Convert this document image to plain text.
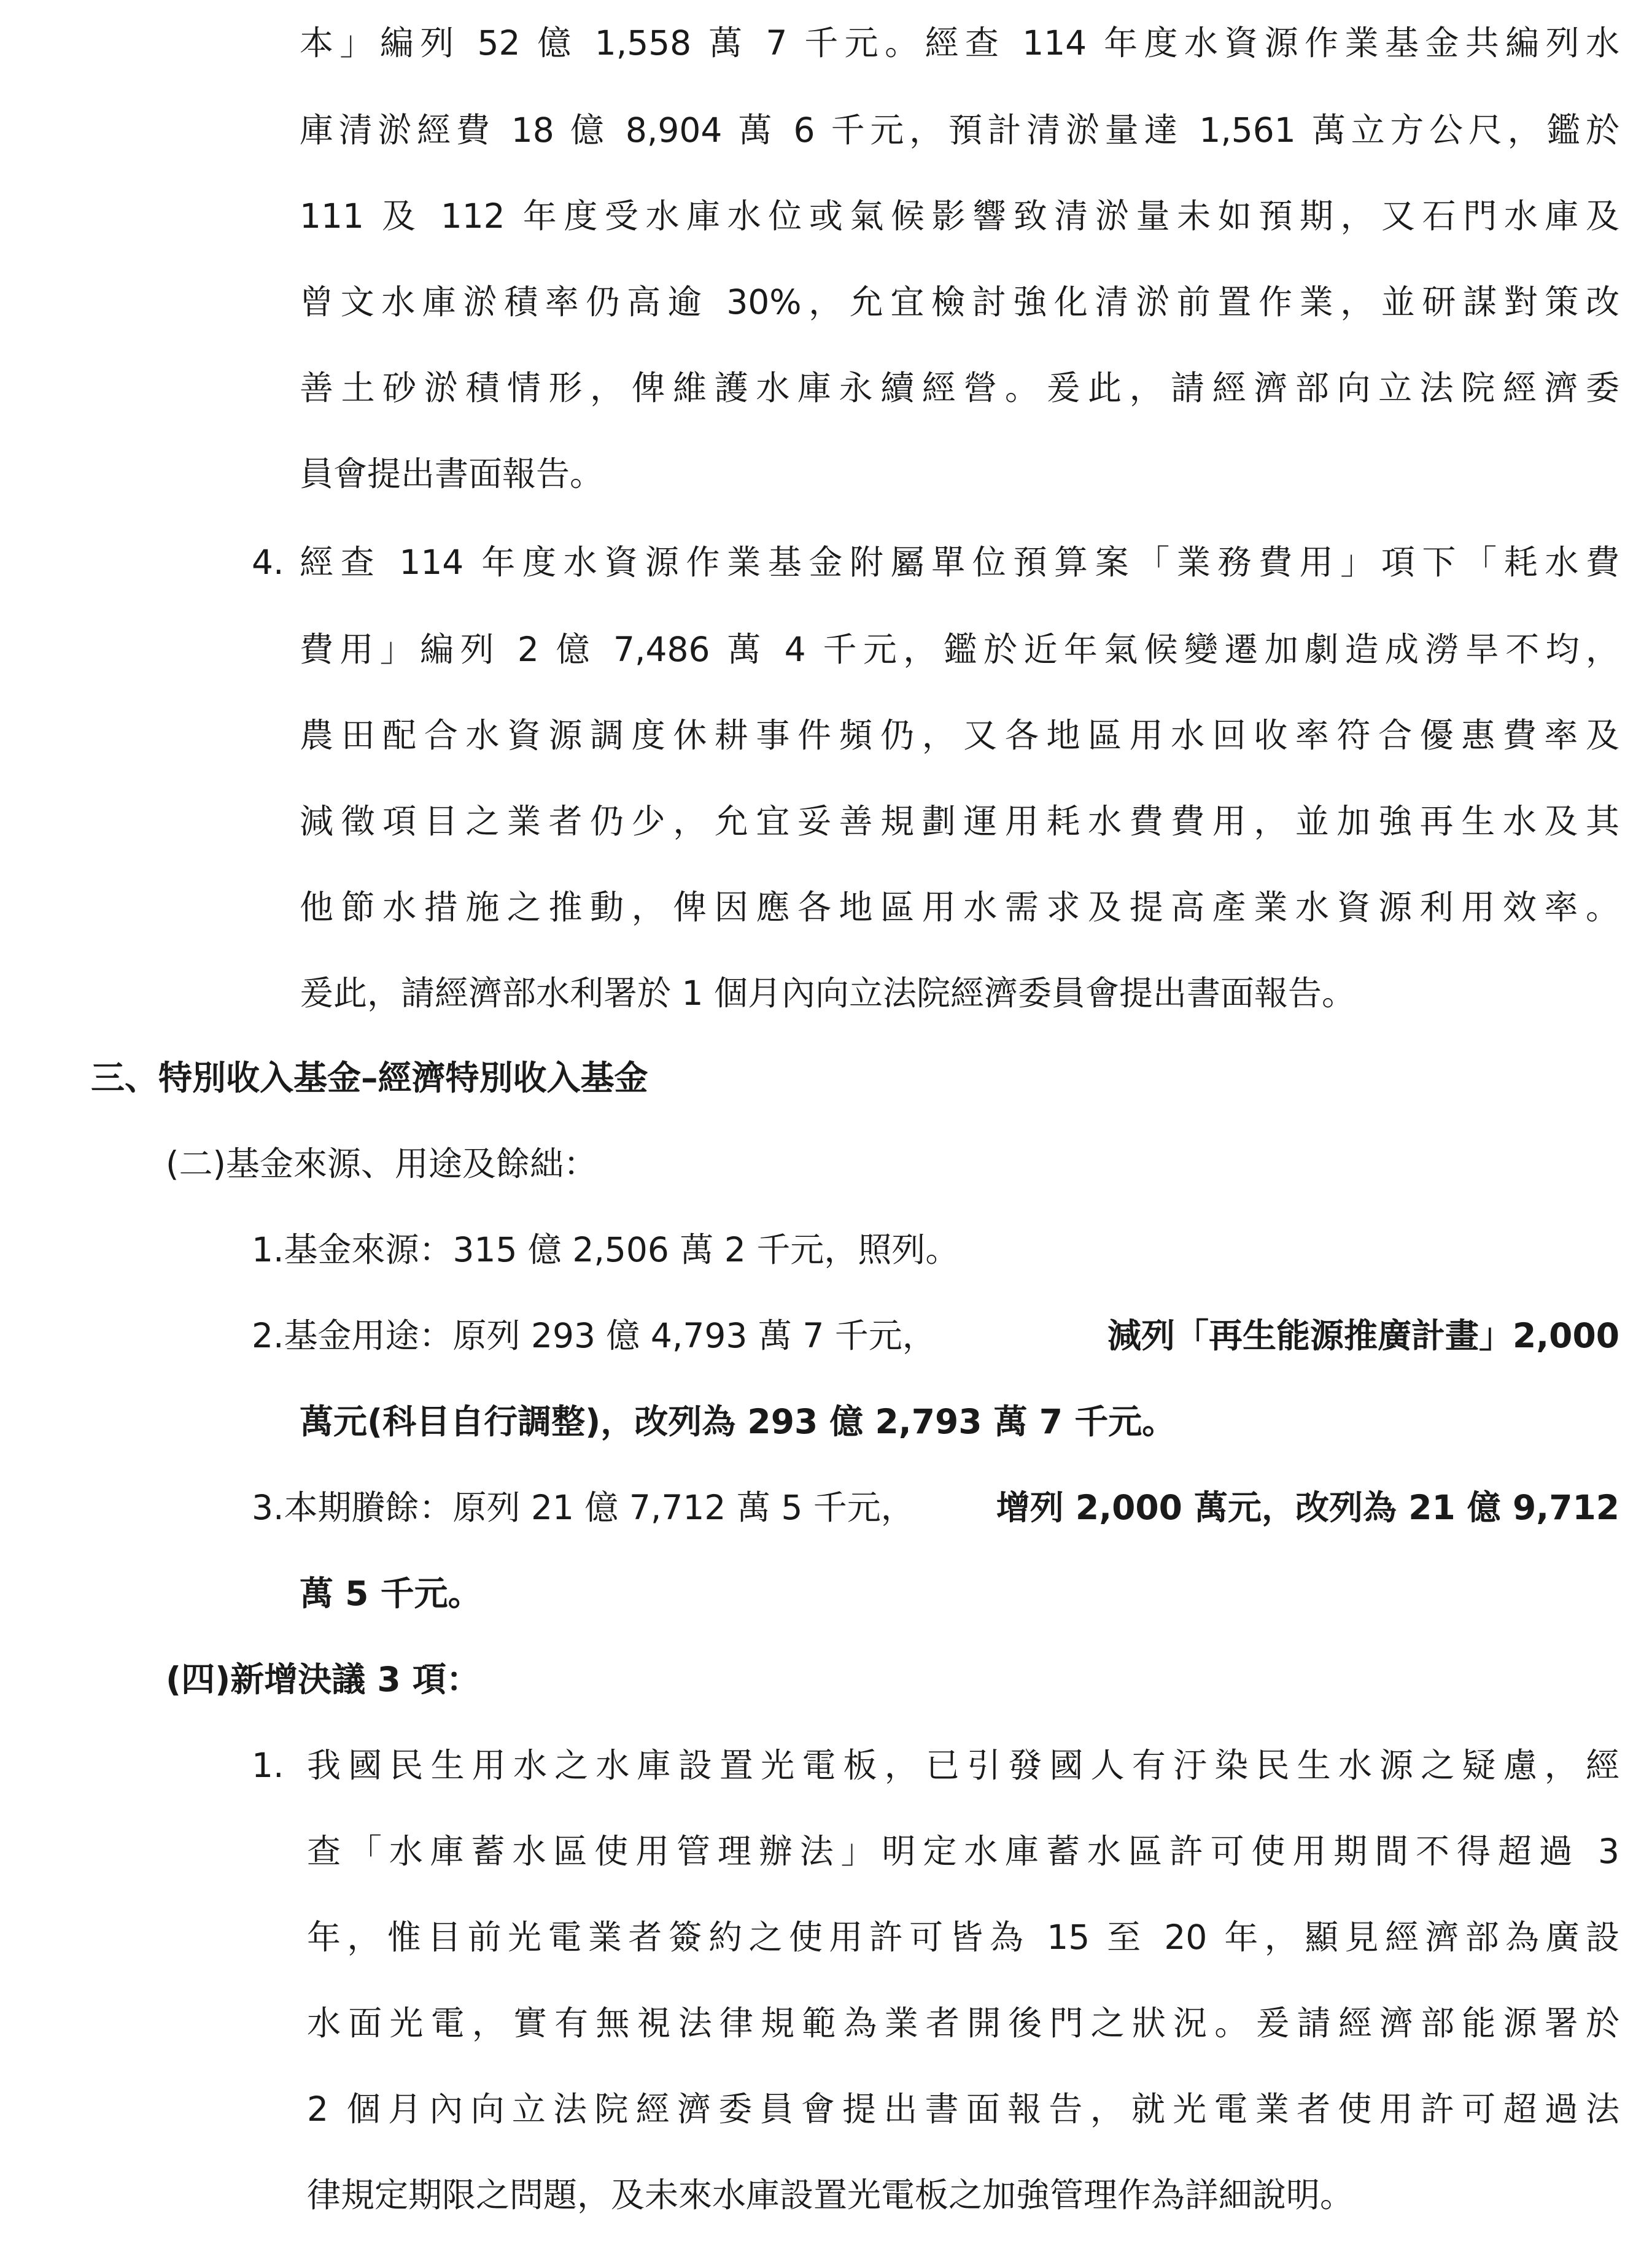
本」編列 52 億 1,558 萬 7 千元。經查 114 年度水資源作業基金共編列水

庫清淤經費 18 億 8,904 萬 6 千元，預計清淤量達 1,561 萬立方公尺，鑑於

111 及 112 年度受水庫水位或氣候影響致清淤量未如預期，又石門水庫及

曾文水庫淤積率仍高逾 30%，允宜檢討強化清淤前置作業，並研謀對策改

善土砂淤積情形，俾維護水庫永續經營。爰此，請經濟部向立法院經濟委

員會提出書面報告。

4. 經查 114 年度水資源作業基金附屬單位預算案「業務費用」項下「耗水費

費用」編列 2 億 7,486 萬 4 千元，鑑於近年氣候變遷加劇造成澇旱不均，

農田配合水資源調度休耕事件頻仍，又各地區用水回收率符合優惠費率及

減徵項目之業者仍少，允宜妥善規劃運用耗水費費用，並加強再生水及其

他節水措施之推動，俾因應各地區用水需求及提高產業水資源利用效率。

爰此，請經濟部水利署於 1 個月內向立法院經濟委員會提出書面報告。

三、特別收入基金–經濟特別收入基金

(二)基金來源、用途及餘絀：

1.基金來源：315 億 2,506 萬 2 千元，照列。

2.基金用途：原列 293 億 4,793 萬 7 千元，	減列「再生能源推廣計畫」2,000

萬元(科目自行調整)，改列為 293 億 2,793 萬 7 千元。

3.本期賸餘：原列 21 億 7,712 萬 5 千元， 增列 2,000 萬元，改列為 21 億 9,712

萬 5 千元。

(四)新增決議 3 項：

1. 我國民生用水之水庫設置光電板，已引發國人有汙染民生水源之疑慮，經

查「水庫蓄水區使用管理辦法」明定水庫蓄水區許可使用期間不得超過 3

年，惟目前光電業者簽約之使用許可皆為 15 至 20 年，顯見經濟部為廣設

水面光電，實有無視法律規範為業者開後門之狀況。爰請經濟部能源署於

2 個月內向立法院經濟委員會提出書面報告，就光電業者使用許可超過法

律規定期限之問題，及未來水庫設置光電板之加強管理作為詳細說明。
